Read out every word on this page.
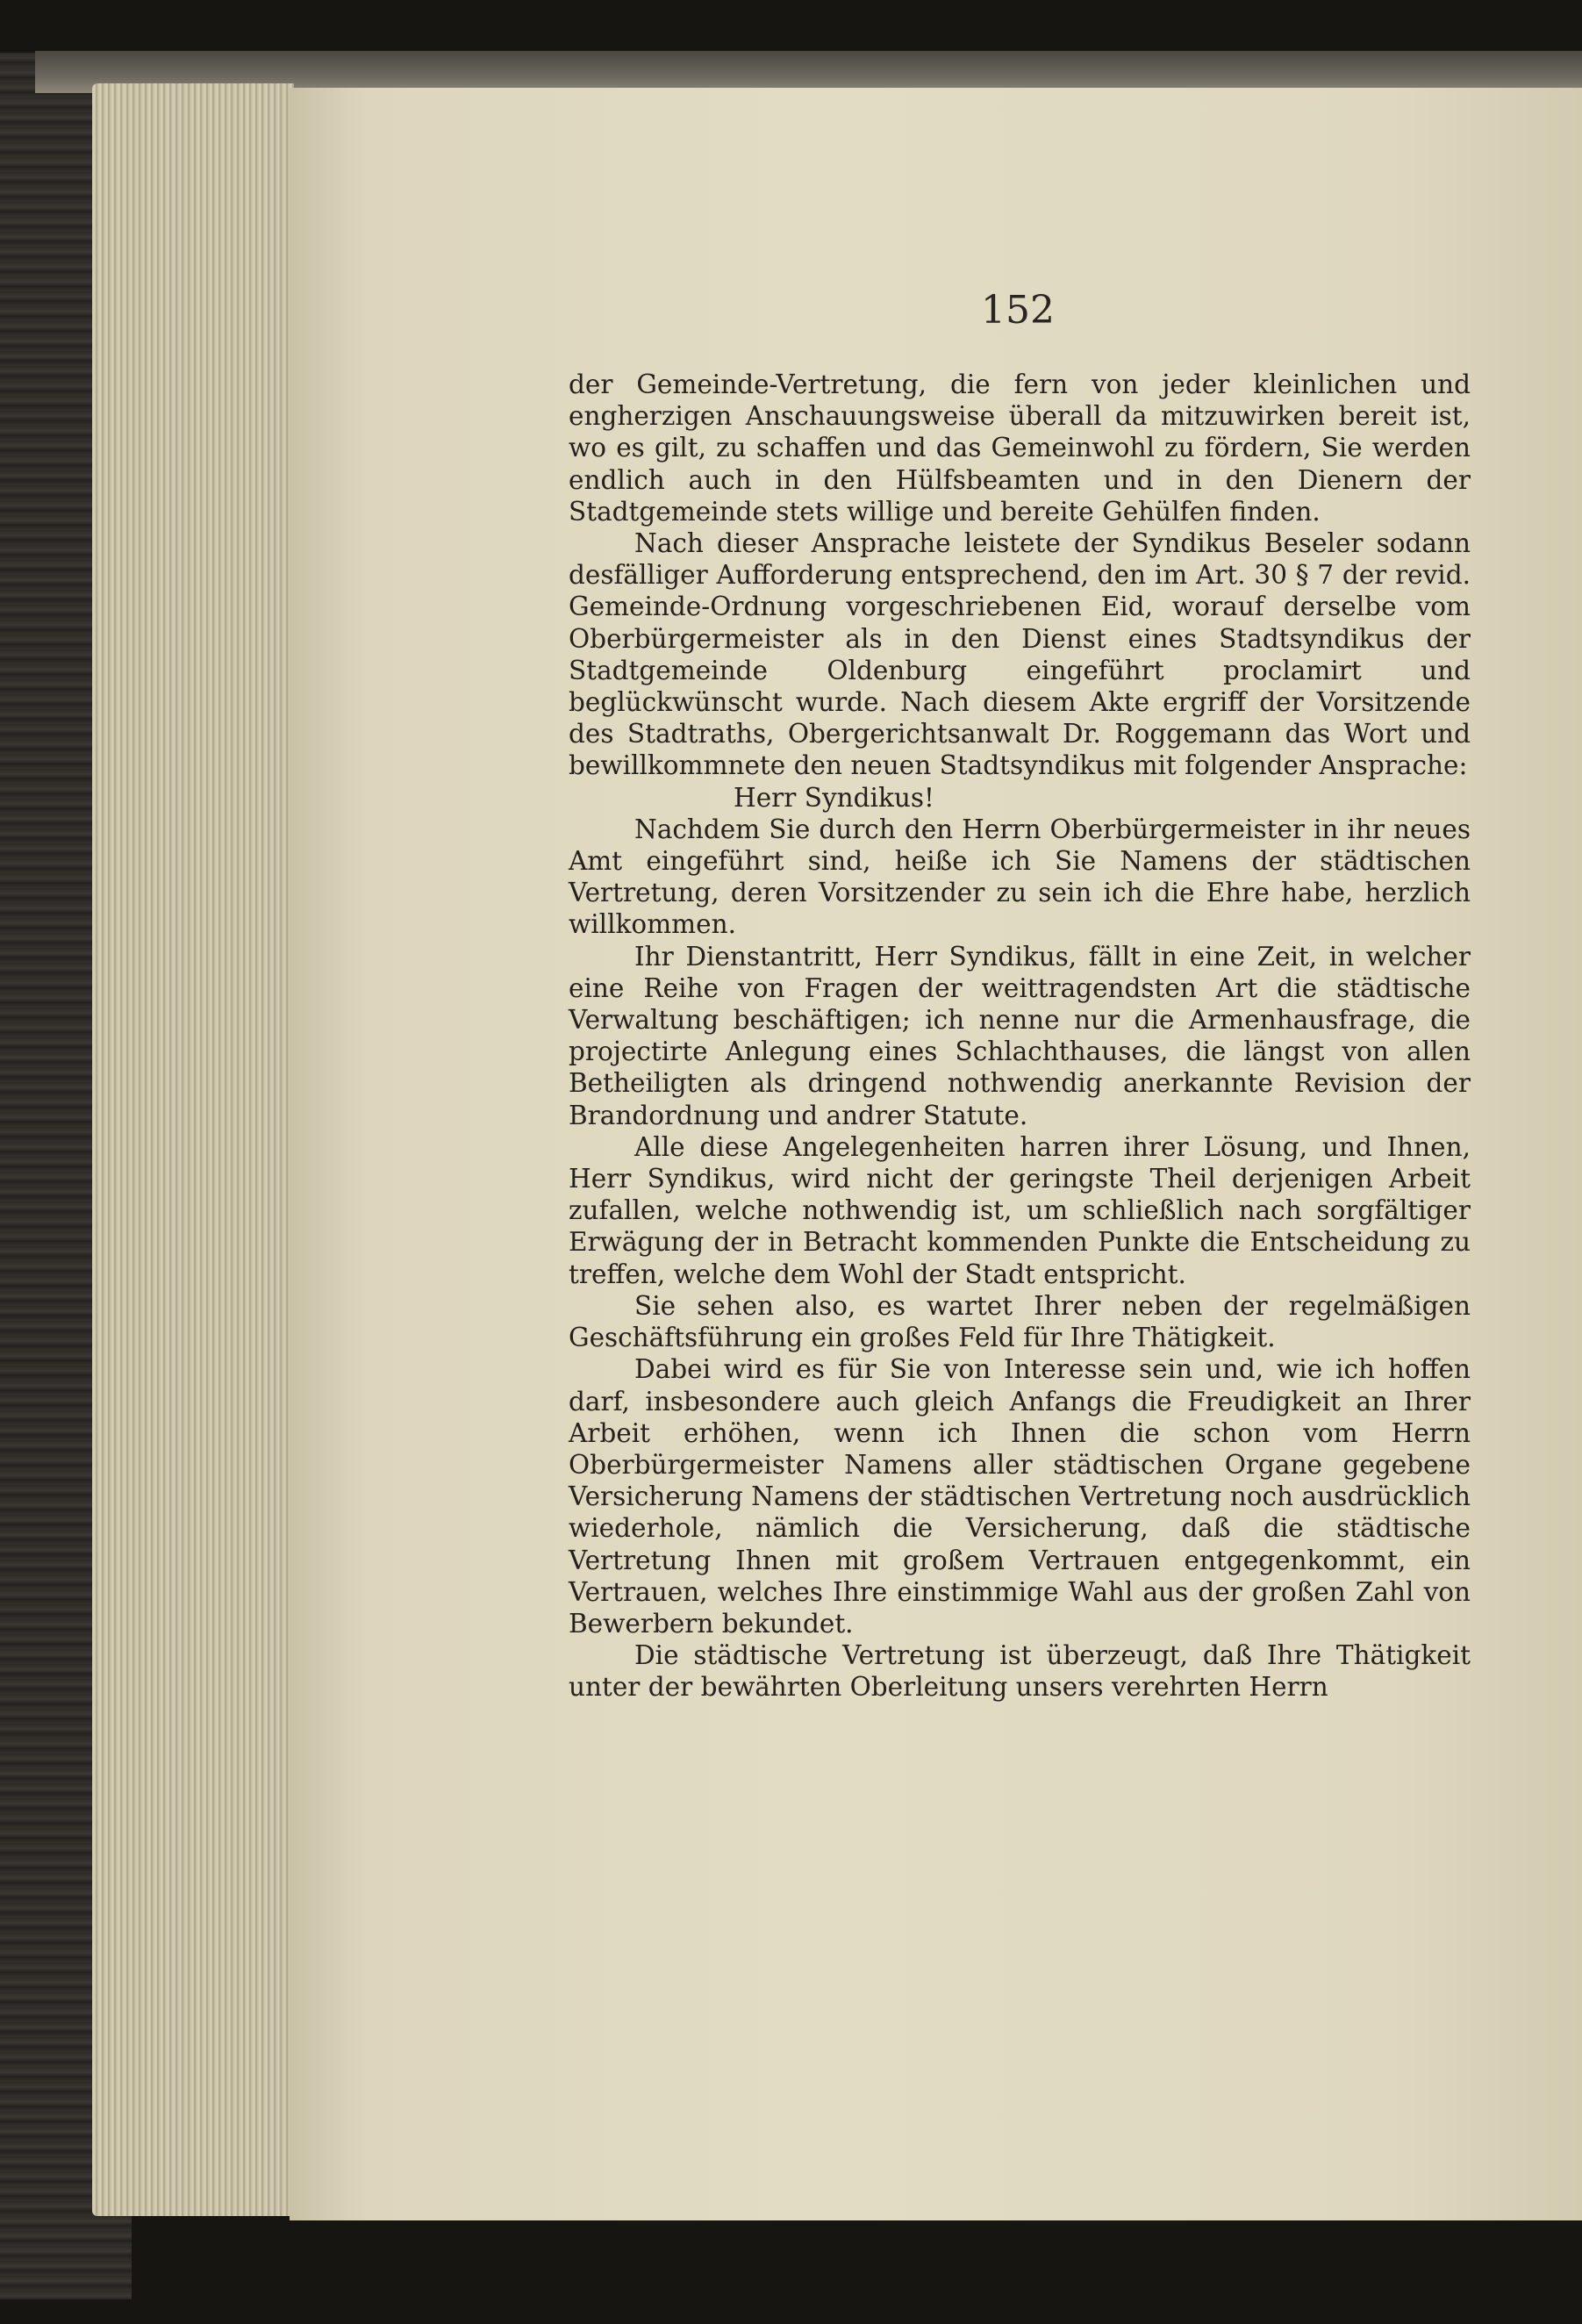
152

der Gemeinde-Vertretung, die fern von jeder kleinlichen und engherzigen Anschauungsweise überall da mitzuwirken bereit ist, wo es gilt, zu schaffen und das Gemeinwohl zu fördern, Sie werden endlich auch in den Hülfsbeamten und in den Dienern der Stadtgemeinde stets willige und bereite Gehülfen finden.

Nach dieser Ansprache leistete der Syndikus Beseler sodann desfälliger Aufforderung entsprechend, den im Art. 30 § 7 der revid. Gemeinde-Ordnung vorgeschriebenen Eid, worauf derselbe vom Oberbürgermeister als in den Dienst eines Stadtsyndikus der Stadtgemeinde Oldenburg eingeführt proclamirt und beglückwünscht wurde. Nach diesem Akte ergriff der Vorsitzende des Stadtraths, Obergerichtsanwalt Dr. Roggemann das Wort und bewillkommnete den neuen Stadtsyndikus mit folgender Ansprache:

Herr Syndikus!

Nachdem Sie durch den Herrn Oberbürgermeister in ihr neues Amt eingeführt sind, heiße ich Sie Namens der städtischen Vertretung, deren Vorsitzender zu sein ich die Ehre habe, herzlich willkommen.

Ihr Dienstantritt, Herr Syndikus, fällt in eine Zeit, in welcher eine Reihe von Fragen der weittragendsten Art die städtische Verwaltung beschäftigen; ich nenne nur die Armenhausfrage, die projectirte Anlegung eines Schlachthauses, die längst von allen Betheiligten als dringend nothwendig anerkannte Revision der Brandordnung und andrer Statute.

Alle diese Angelegenheiten harren ihrer Lösung, und Ihnen, Herr Syndikus, wird nicht der geringste Theil derjenigen Arbeit zufallen, welche nothwendig ist, um schließlich nach sorgfältiger Erwägung der in Betracht kommenden Punkte die Entscheidung zu treffen, welche dem Wohl der Stadt entspricht.

Sie sehen also, es wartet Ihrer neben der regelmäßigen Geschäftsführung ein großes Feld für Ihre Thätigkeit.

Dabei wird es für Sie von Interesse sein und, wie ich hoffen darf, insbesondere auch gleich Anfangs die Freudigkeit an Ihrer Arbeit erhöhen, wenn ich Ihnen die schon vom Herrn Oberbürgermeister Namens aller städtischen Organe gegebene Versicherung Namens der städtischen Vertretung noch ausdrücklich wiederhole, nämlich die Versicherung, daß die städtische Vertretung Ihnen mit großem Vertrauen entgegenkommt, ein Vertrauen, welches Ihre einstimmige Wahl aus der großen Zahl von Bewerbern bekundet.

Die städtische Vertretung ist überzeugt, daß Ihre Thätigkeit unter der bewährten Oberleitung unsers verehrten Herrn
